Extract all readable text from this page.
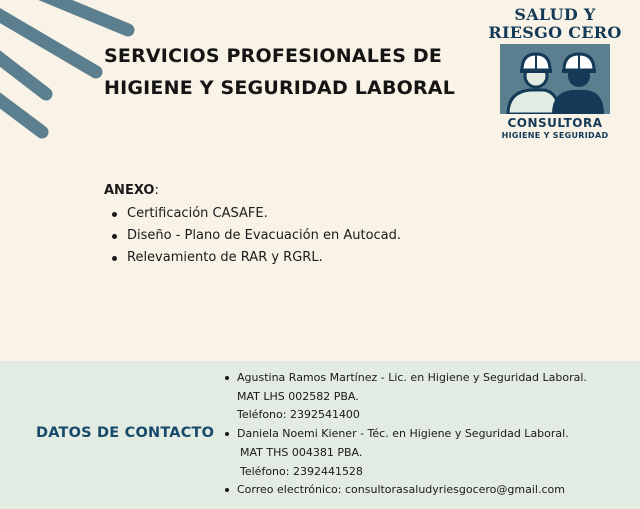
SERVICIOS PROFESIONALES DE
HIGIENE Y SEGURIDAD LABORAL
SALUD Y
RIESGO CERO
CONSULTORA
HIGIENE Y SEGURIDAD
ANEXO:
Certificación CASAFE.
Diseño - Plano de Evacuación en Autocad.
Relevamiento de RAR y RGRL.
DATOS DE CONTACTO
Agustina Ramos Martínez - Lic. en Higiene y Seguridad Laboral.
MAT LHS 002582 PBA.
Teléfono: 2392541400
Daniela Noemi Kiener - Téc. en Higiene y Seguridad Laboral.
MAT THS 004381 PBA.
Teléfono: 2392441528
Correo electrónico: consultorasaludyriesgocero@gmail.com
